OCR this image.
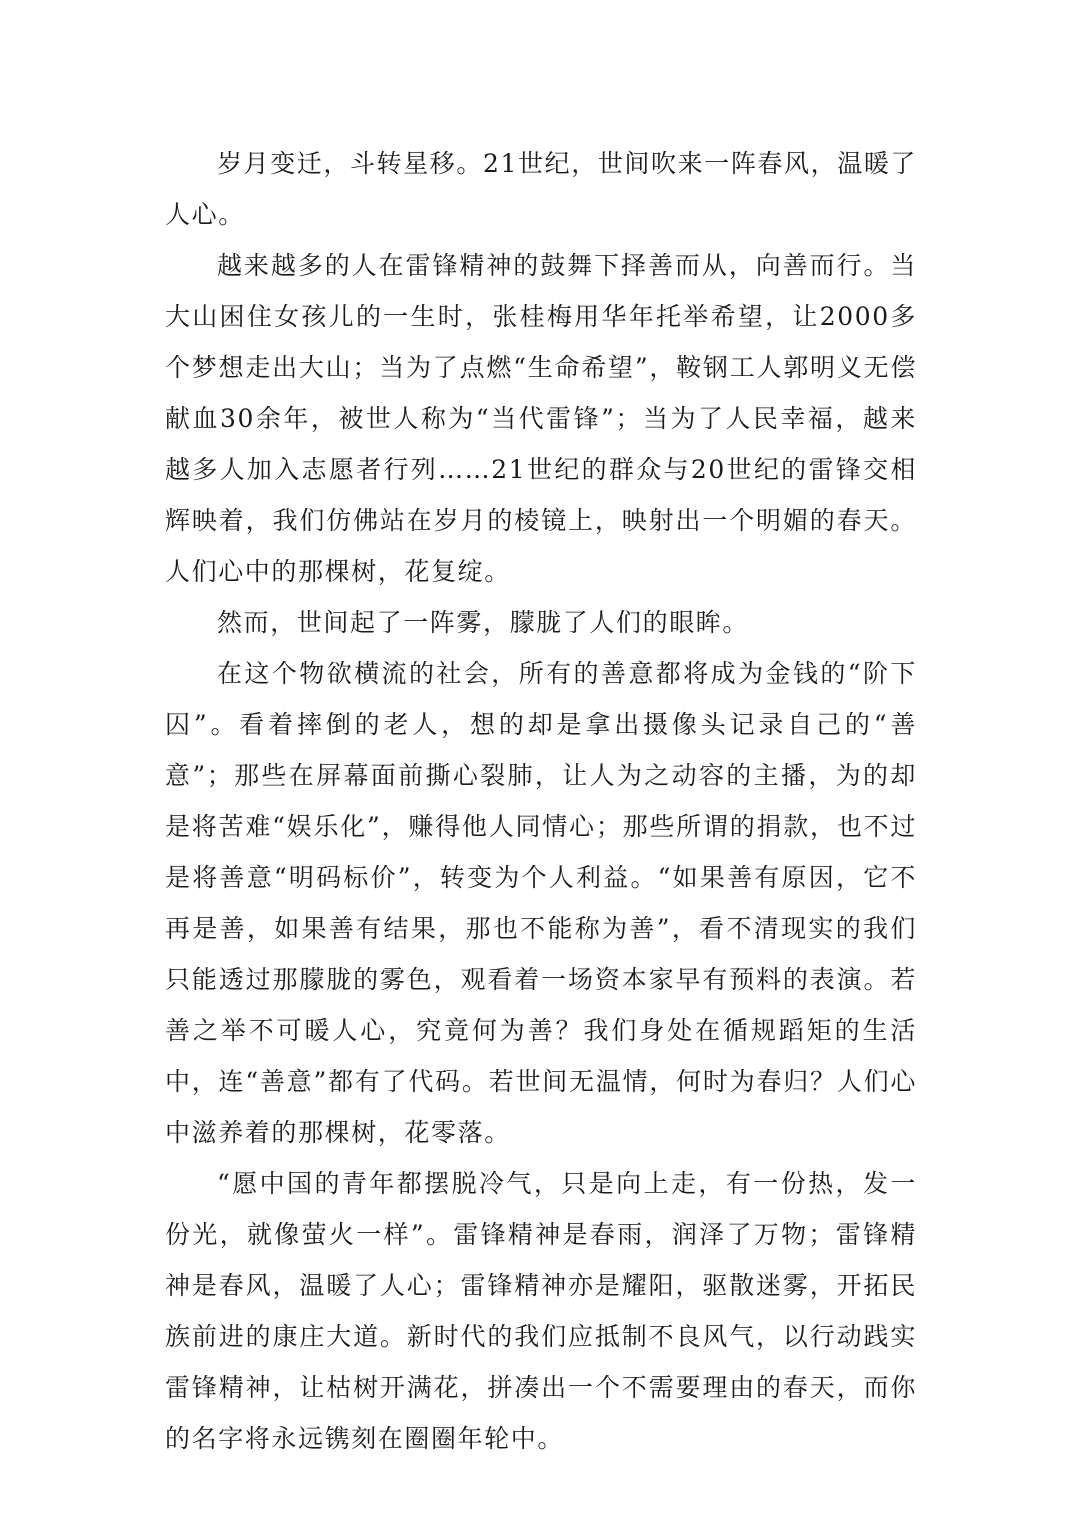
岁月变迁，斗转星移。21世纪，世间吹来一阵春风，温暖了人心。

越来越多的人在雷锋精神的鼓舞下择善而从，向善而行。当大山困住女孩儿的一生时，张桂梅用华年托举希望，让2000多个梦想走出大山；当为了点燃“生命希望”，鞍钢工人郭明义无偿献血30余年，被世人称为“当代雷锋”；当为了人民幸福，越来越多人加入志愿者行列……21世纪的群众与20世纪的雷锋交相辉映着，我们仿佛站在岁月的棱镜上，映射出一个明媚的春天。人们心中的那棵树，花复绽。

然而，世间起了一阵雾，朦胧了人们的眼眸。

在这个物欲横流的社会，所有的善意都将成为金钱的“阶下囚”。看着摔倒的老人，想的却是拿出摄像头记录自己的“善意”；那些在屏幕面前撕心裂肺，让人为之动容的主播，为的却是将苦难“娱乐化”，赚得他人同情心；那些所谓的捐款，也不过是将善意“明码标价”，转变为个人利益。“如果善有原因，它不再是善，如果善有结果，那也不能称为善”，看不清现实的我们只能透过那朦胧的雾色，观看着一场资本家早有预料的表演。若善之举不可暖人心，究竟何为善？我们身处在循规蹈矩的生活中，连“善意”都有了代码。若世间无温情，何时为春归？人们心中滋养着的那棵树，花零落。

“愿中国的青年都摆脱冷气，只是向上走，有一份热，发一份光，就像萤火一样”。雷锋精神是春雨，润泽了万物；雷锋精神是春风，温暖了人心；雷锋精神亦是耀阳，驱散迷雾，开拓民族前进的康庄大道。新时代的我们应抵制不良风气，以行动践实雷锋精神，让枯树开满花，拼凑出一个不需要理由的春天，而你的名字将永远镌刻在圈圈年轮中。
